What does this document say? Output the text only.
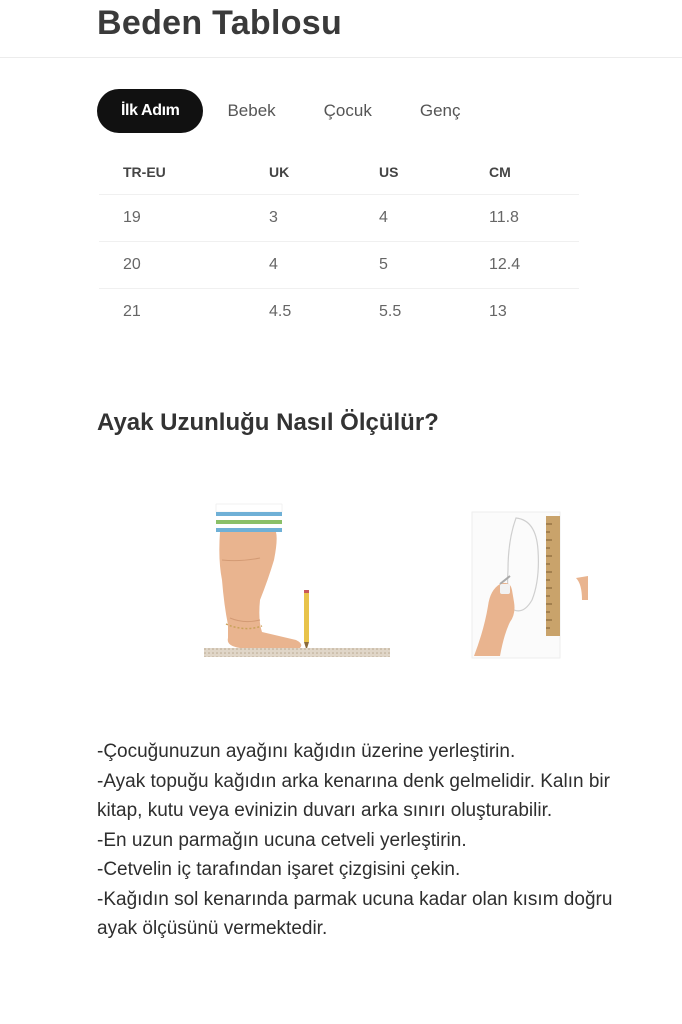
Beden Tablosu
İlk Adım	Bebek	Çocuk	Genç
TR-EU	UK	US	CM
19	3	4	11.8
20	4	5	12.4
21	4.5	5.5	13
Ayak Uzunluğu Nasıl Ölçülür?

-Çocuğunuzun ayağını kağıdın üzerine yerleştirin.

-Ayak topuğu kağıdın arka kenarına denk gelmelidir. Kalın bir kitap, kutu veya evinizin duvarı arka sınırı oluşturabilir.

-En uzun parmağın ucuna cetveli yerleştirin.

-Cetvelin iç tarafından işaret çizgisini çekin.

-Kağıdın sol kenarında parmak ucuna kadar olan kısım doğru ayak ölçüsünü vermektedir.
